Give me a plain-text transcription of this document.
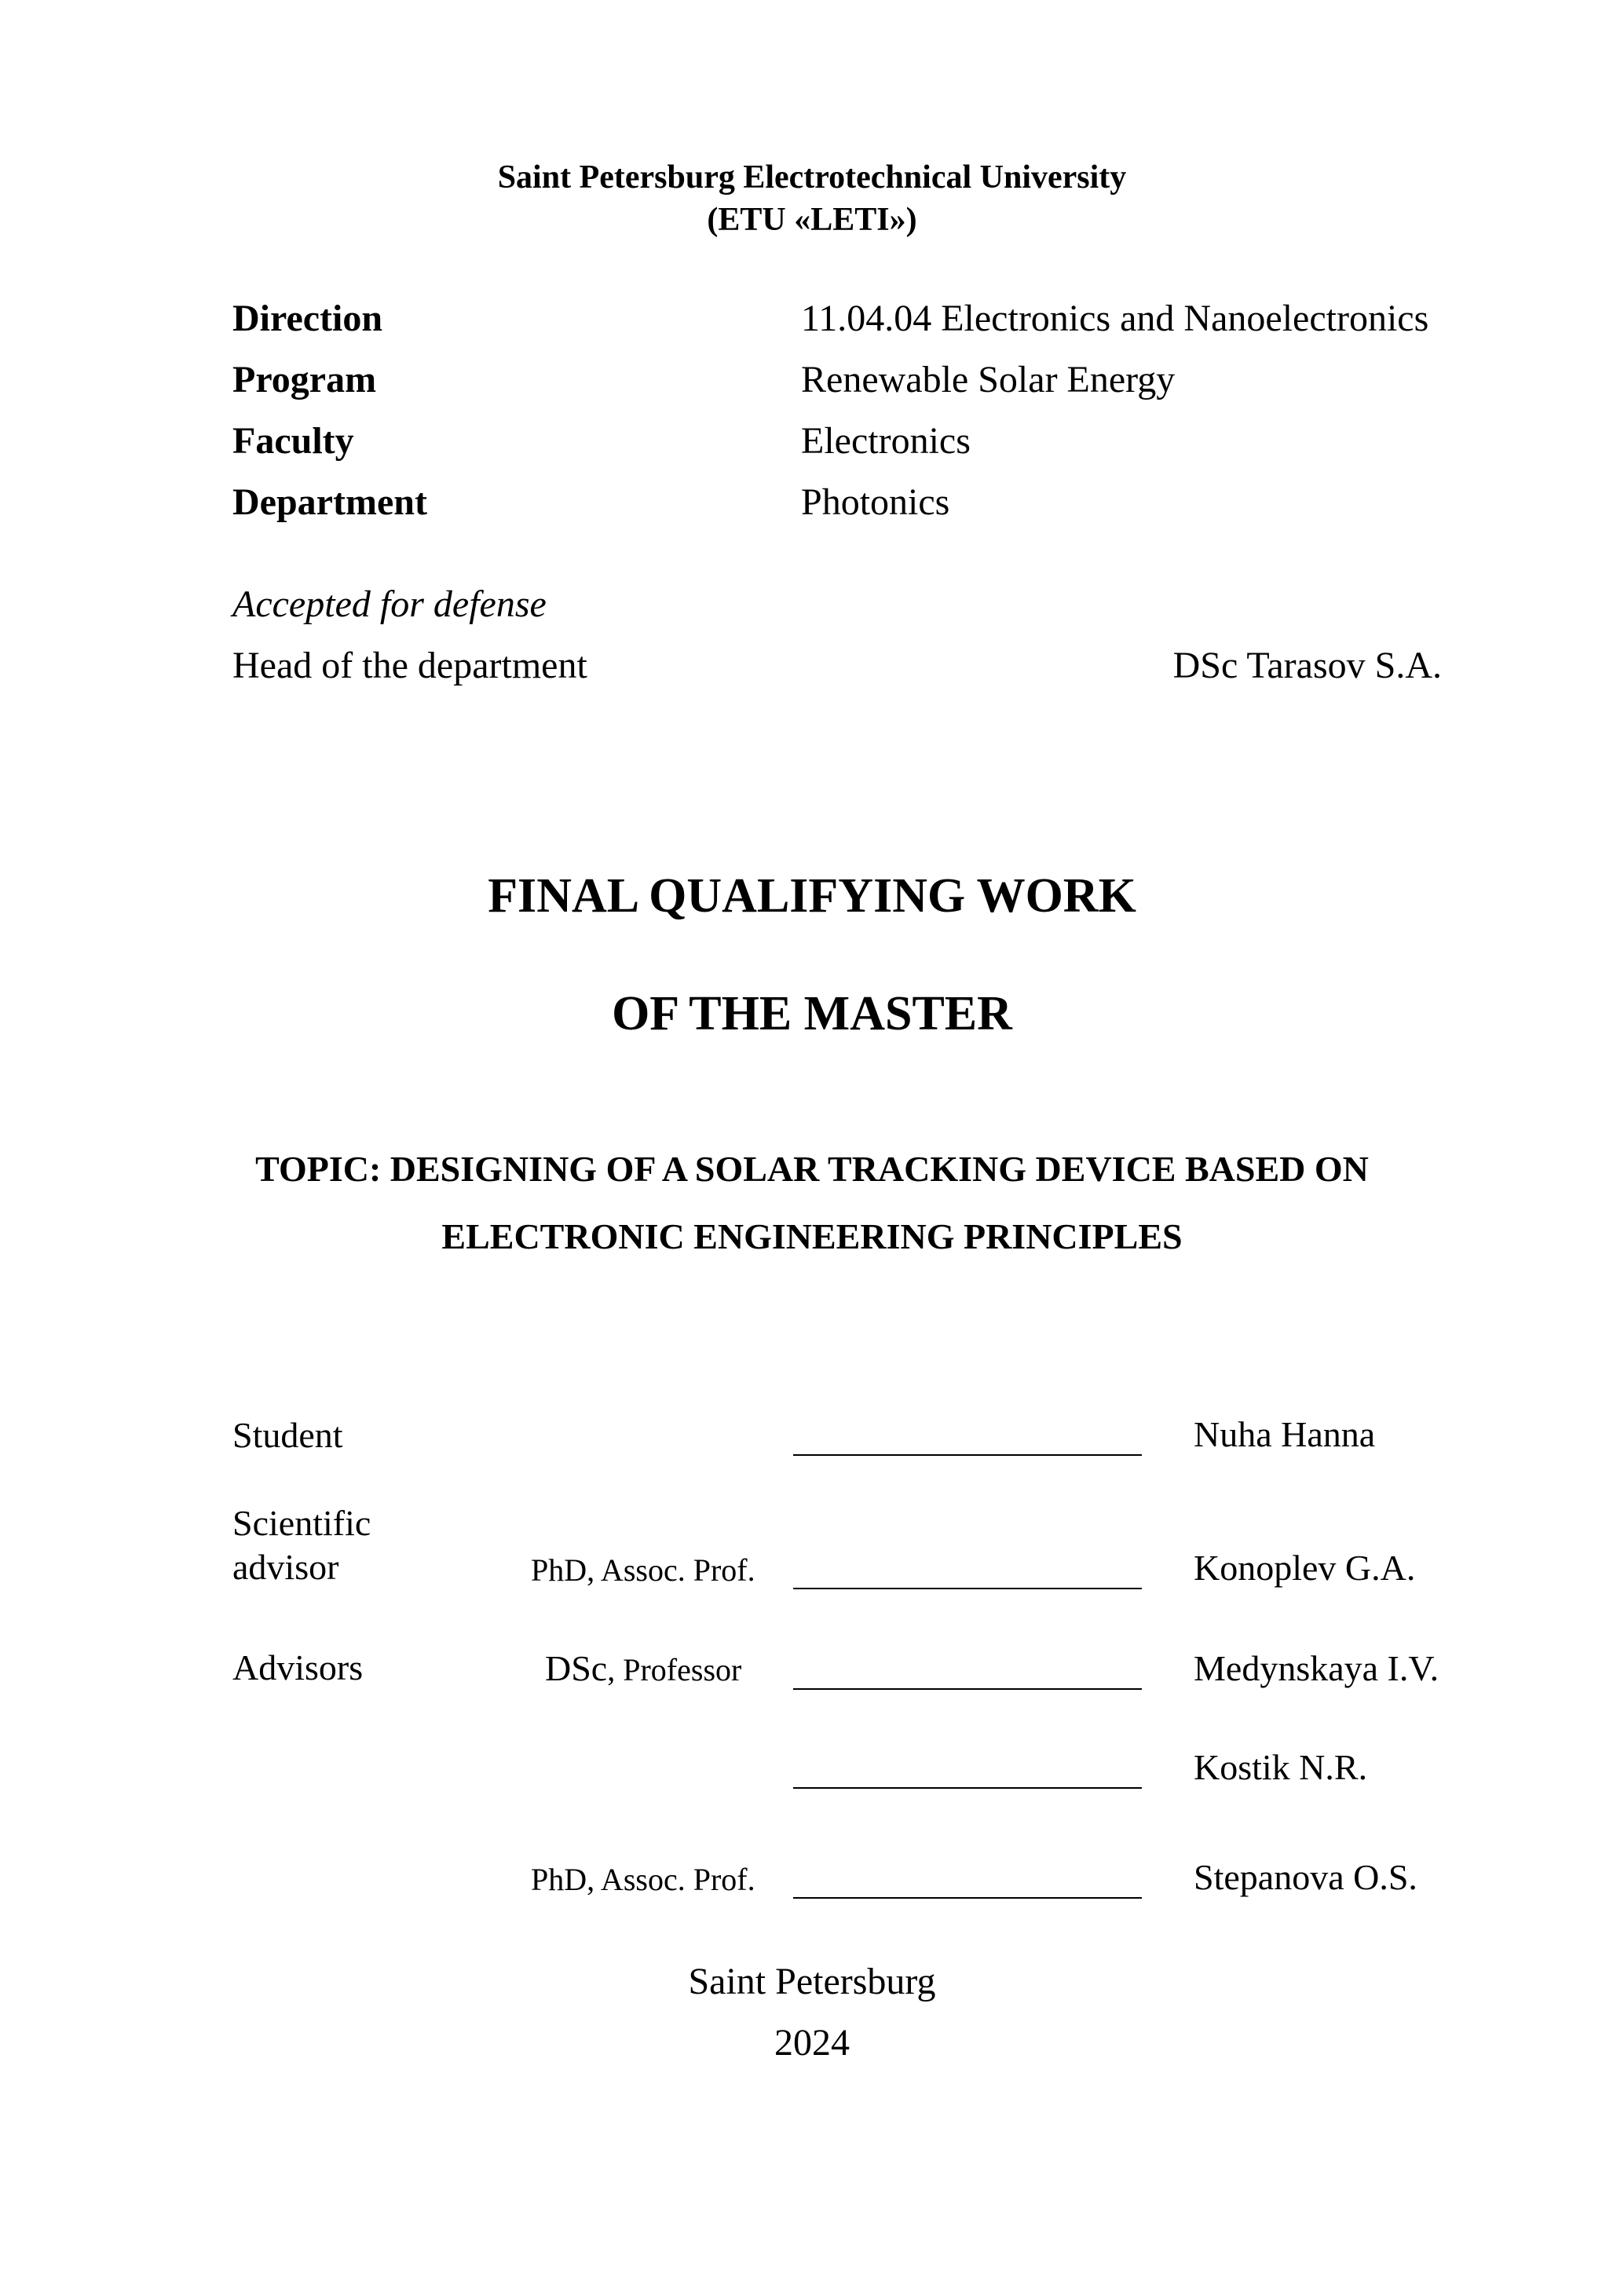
Saint Petersburg Electrotechnical University
(ETU «LETI»)
Direction	11.04.04 Electronics and Nanoelectronics
Program	Renewable Solar Energy
Faculty	Electronics
Department	Photonics
Accepted for defense
Head of the department	DSc Tarasov S.A.
FINAL QUALIFYING WORK
OF THE MASTER
TOPIC: DESIGNING OF A SOLAR TRACKING DEVICE BASED ON
ELECTRONIC ENGINEERING PRINCIPLES
Student	Nuha Hanna
Scientific
advisor	PhD, Assoc. Prof.	Konoplev G.A.
Advisors	DSc, Professor	Medynskaya I.V.
Kostik N.R.
PhD, Assoc. Prof.	Stepanova O.S.
Saint Petersburg
2024
